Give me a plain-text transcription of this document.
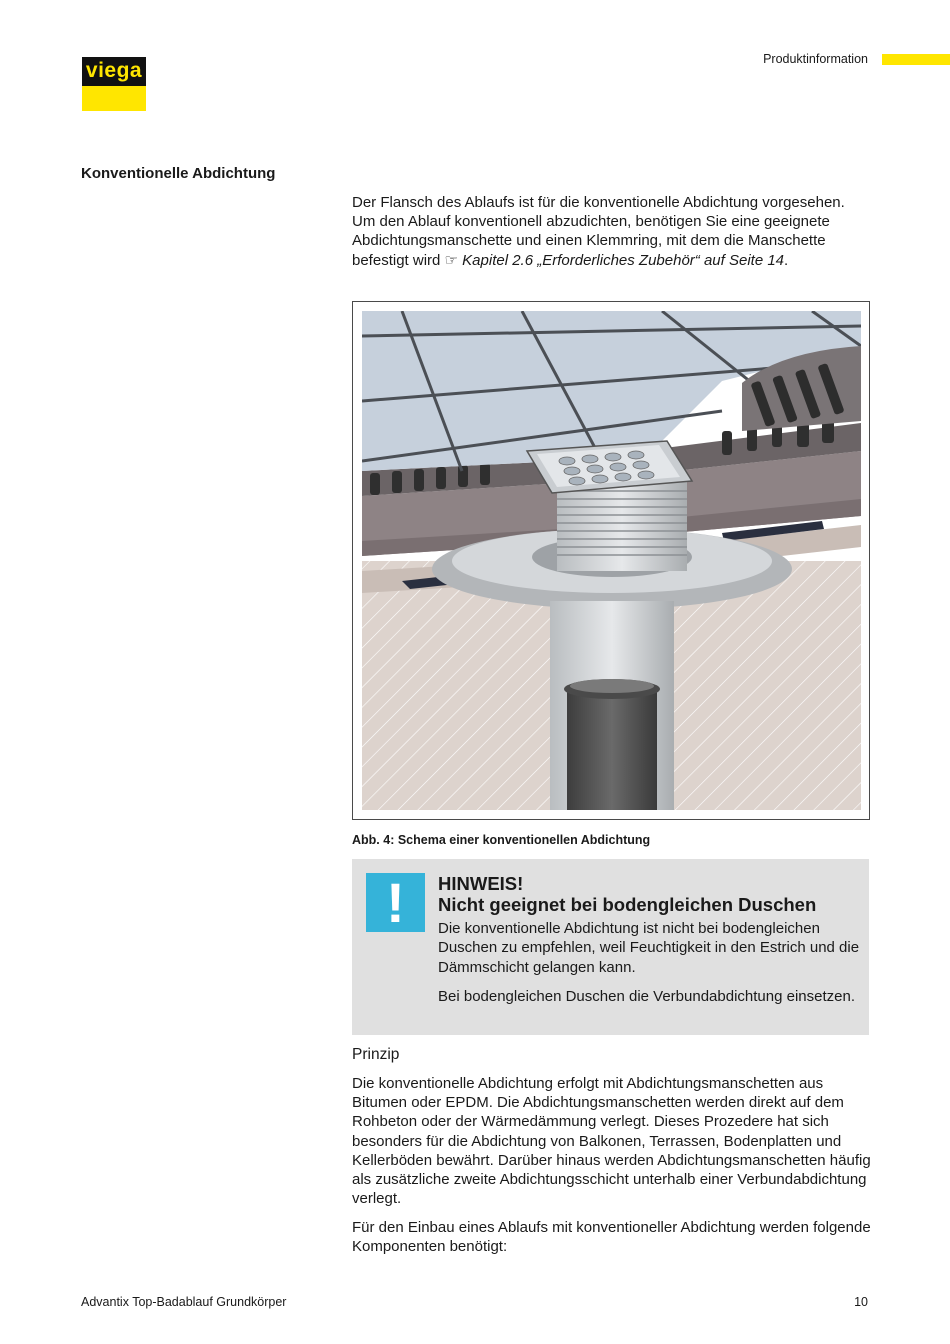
viega	Produktinformation
Konventionelle Abdichtung
Der Flansch des Ablaufs ist für die konventionelle Abdichtung vorgesehen. Um den Ablauf konventionell abzudichten, benötigen Sie eine geeignete Abdichtungsmanschette und einen Klemmring, mit dem die Manschette befestigt wird ☞ Kapitel 2.6 „Erforderliches Zubehör“ auf Seite 14.
Abb. 4: Schema einer konventionellen Abdichtung
!	HINWEIS!
Nicht geeignet bei bodengleichen Duschen
Die konventionelle Abdichtung ist nicht bei bodengleichen Duschen zu empfehlen, weil Feuchtigkeit in den Estrich und die Dämmschicht gelangen kann.
Bei bodengleichen Duschen die Verbundabdichtung einsetzen.
Prinzip
Die konventionelle Abdichtung erfolgt mit Abdichtungsmanschetten aus Bitumen oder EPDM. Die Abdichtungsmanschetten werden direkt auf dem Rohbeton oder der Wärmedämmung verlegt. Dieses Prozedere hat sich besonders für die Abdichtung von Balkonen, Terrassen, Bodenplatten und Kellerböden bewährt. Darüber hinaus werden Abdichtungsmanschetten häufig als zusätzliche zweite Abdichtungsschicht unterhalb einer Verbundabdichtung verlegt.
Für den Einbau eines Ablaufs mit konventioneller Abdichtung werden folgende Komponenten benötigt:
Advantix Top-Badablauf Grundkörper	10
